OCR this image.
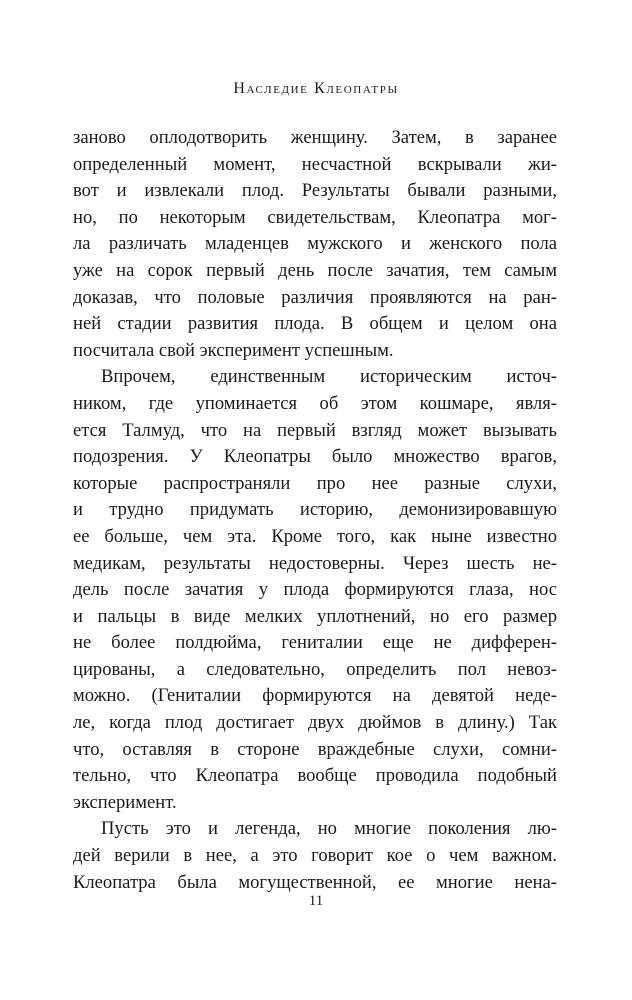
Наследие Клеопатры
заново оплодотворить женщину. Затем, в заранее
определенный момент, несчастной вскрывали жи-
вот и извлекали плод. Результаты бывали разными,
но, по некоторым свидетельствам, Клеопатра мог-
ла различать младенцев мужского и женского пола
уже на сорок первый день после зачатия, тем самым
доказав, что половые различия проявляются на ран-
ней стадии развития плода. В общем и целом она
посчитала свой эксперимент успешным.
Впрочем, единственным историческим источ-
ником, где упоминается об этом кошмаре, явля-
ется Талмуд, что на первый взгляд может вызывать
подозрения. У Клеопатры было множество врагов,
которые распространяли про нее разные слухи,
и трудно придумать историю, демонизировавшую
ее больше, чем эта. Кроме того, как ныне известно
медикам, результаты недостоверны. Через шесть не-
дель после зачатия у плода формируются глаза, нос
и пальцы в виде мелких уплотнений, но его размер
не более полдюйма, гениталии еще не дифферен-
цированы, а следовательно, определить пол невоз-
можно. (Гениталии формируются на девятой неде-
ле, когда плод достигает двух дюймов в длину.) Так
что, оставляя в стороне враждебные слухи, сомни-
тельно, что Клеопатра вообще проводила подобный
эксперимент.
Пусть это и легенда, но многие поколения лю-
дей верили в нее, а это говорит кое о чем важном.
Клеопатра была могущественной, ее многие нена-
11
